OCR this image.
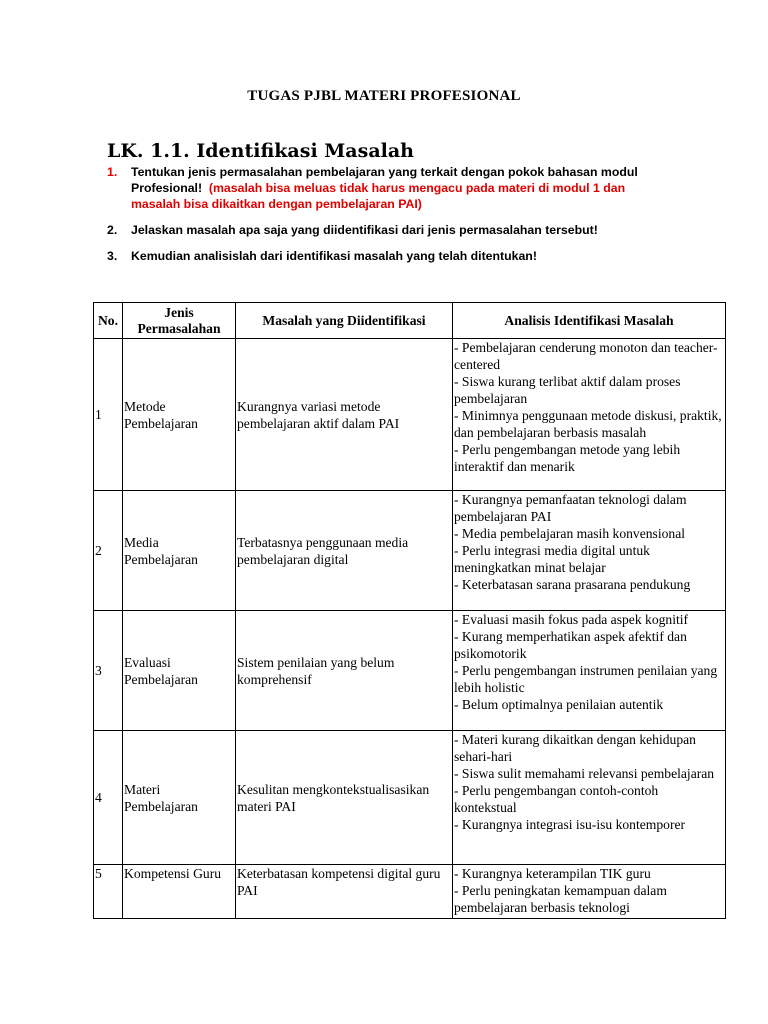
TUGAS PJBL MATERI PROFESIONAL
LK. 1.1. Identifikasi Masalah
1. Tentukan jenis permasalahan pembelajaran yang terkait dengan pokok bahasan modul Profesional! (masalah bisa meluas tidak harus mengacu pada materi di modul 1 dan masalah bisa dikaitkan dengan pembelajaran PAI)
2. Jelaskan masalah apa saja yang diidentifikasi dari jenis permasalahan tersebut!
3. Kemudian analisislah dari identifikasi masalah yang telah ditentukan!
No.	Jenis Permasalahan	Masalah yang Diidentifikasi	Analisis Identifikasi Masalah
1	Metode Pembelajaran	Kurangnya variasi metode pembelajaran aktif dalam PAI	- Pembelajaran cenderung monoton dan teacher-centered
- Siswa kurang terlibat aktif dalam proses pembelajaran
- Minimnya penggunaan metode diskusi, praktik, dan pembelajaran berbasis masalah
- Perlu pengembangan metode yang lebih interaktif dan menarik

2	Media Pembelajaran	Terbatasnya penggunaan media pembelajaran digital	- Kurangnya pemanfaatan teknologi dalam pembelajaran PAI
- Media pembelajaran masih konvensional
- Perlu integrasi media digital untuk meningkatkan minat belajar
- Keterbatasan sarana prasarana pendukung

3	Evaluasi Pembelajaran	Sistem penilaian yang belum komprehensif	- Evaluasi masih fokus pada aspek kognitif
- Kurang memperhatikan aspek afektif dan psikomotorik
- Perlu pengembangan instrumen penilaian yang lebih holistic
- Belum optimalnya penilaian autentik

4	Materi Pembelajaran	Kesulitan mengkontekstualisasikan materi PAI	- Materi kurang dikaitkan dengan kehidupan sehari-hari
- Siswa sulit memahami relevansi pembelajaran
- Perlu pengembangan contoh-contoh kontekstual
- Kurangnya integrasi isu-isu kontemporer

5	Kompetensi Guru	Keterbatasan kompetensi digital guru PAI	- Kurangnya keterampilan TIK guru
- Perlu peningkatan kemampuan dalam pembelajaran berbasis teknologi
